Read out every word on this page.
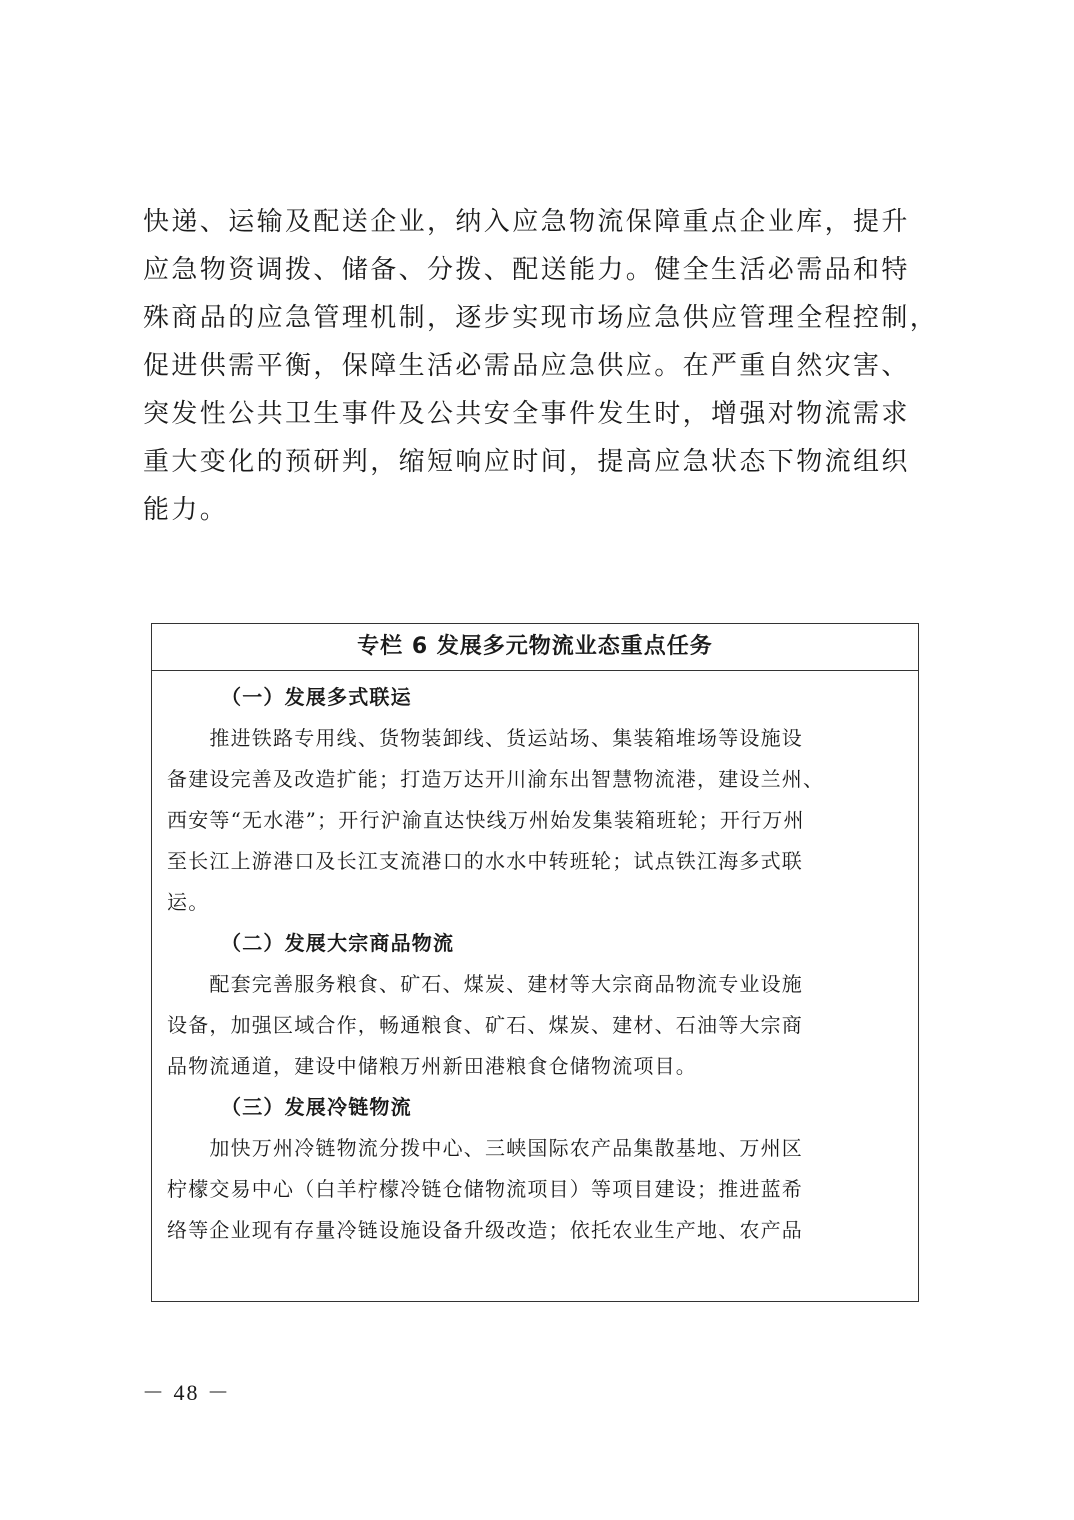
快递、运输及配送企业，纳入应急物流保障重点企业库，提升
应急物资调拨、储备、分拨、配送能力。健全生活必需品和特
殊商品的应急管理机制，逐步实现市场应急供应管理全程控制，
促进供需平衡，保障生活必需品应急供应。在严重自然灾害、
突发性公共卫生事件及公共安全事件发生时，增强对物流需求
重大变化的预研判，缩短响应时间，提高应急状态下物流组织
能力。
专栏 6 发展多元物流业态重点任务
（一）发展多式联运
　　推进铁路专用线、货物装卸线、货运站场、集装箱堆场等设施设
备建设完善及改造扩能；打造万达开川渝东出智慧物流港，建设兰州、
西安等“无水港”；开行沪渝直达快线万州始发集装箱班轮；开行万州
至长江上游港口及长江支流港口的水水中转班轮；试点铁江海多式联
运。
（二）发展大宗商品物流
　　配套完善服务粮食、矿石、煤炭、建材等大宗商品物流专业设施
设备，加强区域合作，畅通粮食、矿石、煤炭、建材、石油等大宗商
品物流通道，建设中储粮万州新田港粮食仓储物流项目。
（三）发展冷链物流
　　加快万州冷链物流分拨中心、三峡国际农产品集散基地、万州区
柠檬交易中心（白羊柠檬冷链仓储物流项目）等项目建设；推进蓝希
络等企业现有存量冷链设施设备升级改造；依托农业生产地、农产品
－ 48 －
